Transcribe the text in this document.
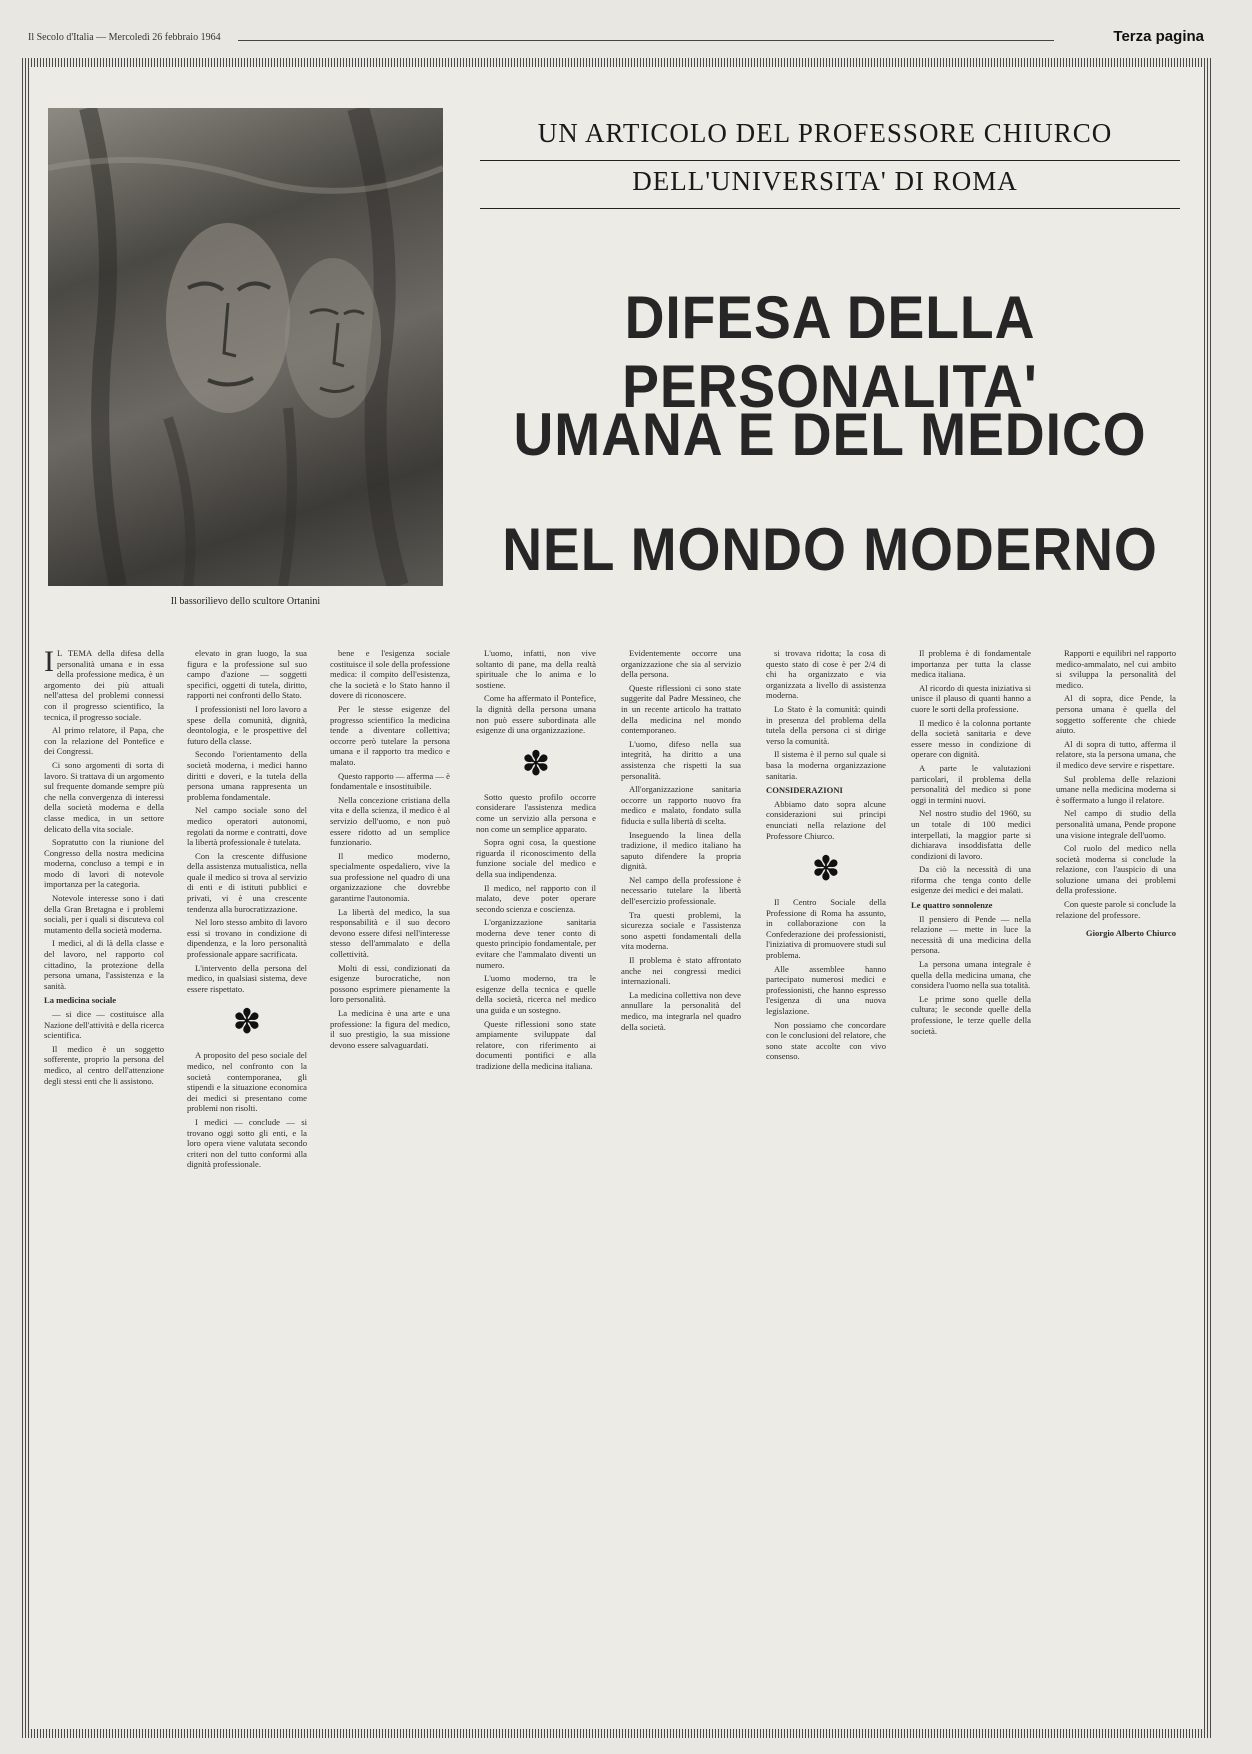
Il Secolo d'Italia — Mercoledì 26 febbraio 1964	Terza pagina
Il bassorilievo dello scultore Ortanini
UN ARTICOLO DEL PROFESSORE CHIURCO
DELL'UNIVERSITA' DI ROMA
DIFESA DELLA PERSONALITA'
UMANA E DEL MEDICO
NEL MONDO MODERNO

I L TEMA della difesa della personalità umana e in essa della professione medica, è un argomento dei più attuali nell'attesa del problemi connessi con il progresso scientifico, la tecnica, il progresso sociale.

Al primo relatore, il Papa, che con la relazione del Pontefice e dei Congressi.

Ci sono argomenti di sorta di lavoro. Si trattava di un argomento sul frequente domande sempre più che nella convergenza di interessi della società moderna e della classe medica, in un settore delicato della vita sociale.

Sopratutto con la riunione del Congresso della nostra medicina moderna, concluso a tempi e in modo di lavori di notevole importanza per la categoria.

Notevole interesse sono i dati della Gran Bretagna e i problemi sociali, per i quali si discuteva col mutamento della società moderna.

I medici, al di là della classe e del lavoro, nel rapporto col cittadino, la protezione della persona umana, l'assistenza e la sanità.

La medicina sociale

— si dice — costituisce alla Nazione dell'attività e della ricerca scientifica.

Il medico è un soggetto sofferente, proprio la persona del medico, al centro dell'attenzione degli stessi enti che li assistono.

elevato in gran luogo, la sua figura e la professione sul suo campo d'azione — soggetti specifici, oggetti di tutela, diritto, rapporti nei confronti dello Stato.

I professionisti nel loro lavoro a spese della comunità, dignità, deontologia, e le prospettive del futuro della classe.

Secondo l'orientamento della società moderna, i medici hanno diritti e doveri, e la tutela della persona umana rappresenta un problema fondamentale.

Nel campo sociale sono del medico operatori autonomi, regolati da norme e contratti, dove la libertà professionale è tutelata.

Con la crescente diffusione della assistenza mutualistica, nella quale il medico si trova al servizio di enti e di istituti pubblici e privati, vi è una crescente tendenza alla burocratizzazione.

Nel loro stesso ambito di lavoro essi si trovano in condizione di dipendenza, e la loro personalità professionale appare sacrificata.

L'intervento della persona del medico, in qualsiasi sistema, deve essere rispettato.

✽

A proposito del peso sociale del medico, nel confronto con la società contemporanea, gli stipendi e la situazione economica dei medici si presentano come problemi non risolti.

I medici — conclude — si trovano oggi sotto gli enti, e la loro opera viene valutata secondo criteri non del tutto conformi alla dignità professionale.

bene e l'esigenza sociale costituisce il sole della professione medica: il compito dell'esistenza, che la società e lo Stato hanno il dovere di riconoscere.

Per le stesse esigenze del progresso scientifico la medicina tende a diventare collettiva; occorre però tutelare la persona umana e il rapporto tra medico e malato.

Questo rapporto — afferma — è fondamentale e insostituibile.

Nella concezione cristiana della vita e della scienza, il medico è al servizio dell'uomo, e non può essere ridotto ad un semplice funzionario.

Il medico moderno, specialmente ospedaliero, vive la sua professione nel quadro di una organizzazione che dovrebbe garantirne l'autonomia.

La libertà del medico, la sua responsabilità e il suo decoro devono essere difesi nell'interesse stesso dell'ammalato e della collettività.

Molti di essi, condizionati da esigenze burocratiche, non possono esprimere pienamente la loro personalità.

La medicina è una arte e una professione: la figura del medico, il suo prestigio, la sua missione devono essere salvaguardati.

L'uomo, infatti, non vive soltanto di pane, ma della realtà spirituale che lo anima e lo sostiene.

Come ha affermato il Pontefice, la dignità della persona umana non può essere subordinata alle esigenze di una organizzazione.

✽

Sotto questo profilo occorre considerare l'assistenza medica come un servizio alla persona e non come un semplice apparato.

Sopra ogni cosa, la questione riguarda il riconoscimento della funzione sociale del medico e della sua indipendenza.

Il medico, nel rapporto con il malato, deve poter operare secondo scienza e coscienza.

L'organizzazione sanitaria moderna deve tener conto di questo principio fondamentale, per evitare che l'ammalato diventi un numero.

L'uomo moderno, tra le esigenze della tecnica e quelle della società, ricerca nel medico una guida e un sostegno.

Queste riflessioni sono state ampiamente sviluppate dal relatore, con riferimento ai documenti pontifici e alla tradizione della medicina italiana.

Evidentemente occorre una organizzazione che sia al servizio della persona.

Queste riflessioni ci sono state suggerite dal Padre Messineo, che in un recente articolo ha trattato della medicina nel mondo contemporaneo.

L'uomo, difeso nella sua integrità, ha diritto a una assistenza che rispetti la sua personalità.

All'organizzazione sanitaria occorre un rapporto nuovo fra medico e malato, fondato sulla fiducia e sulla libertà di scelta.

Inseguendo la linea della tradizione, il medico italiano ha saputo difendere la propria dignità.

Nel campo della professione è necessario tutelare la libertà dell'esercizio professionale.

Tra questi problemi, la sicurezza sociale e l'assistenza sono aspetti fondamentali della vita moderna.

Il problema è stato affrontato anche nei congressi medici internazionali.

La medicina collettiva non deve annullare la personalità del medico, ma integrarla nel quadro della società.

si trovava ridotta; la cosa di questo stato di cose è per 2/4 di chi ha organizzato e via organizzata a livello di assistenza moderna.

Lo Stato è la comunità: quindi in presenza del problema della tutela della persona ci si dirige verso la comunità.

Il sistema è il perno sul quale si basa la moderna organizzazione sanitaria.

CONSIDERAZIONI

Abbiamo dato sopra alcune considerazioni sui principi enunciati nella relazione del Professore Chiurco.

✽

Il Centro Sociale della Professione di Roma ha assunto, in collaborazione con la Confederazione dei professionisti, l'iniziativa di promuovere studi sul problema.

Alle assemblee hanno partecipato numerosi medici e professionisti, che hanno espresso l'esigenza di una nuova legislazione.

Non possiamo che concordare con le conclusioni del relatore, che sono state accolte con vivo consenso.

Il problema è di fondamentale importanza per tutta la classe medica italiana.

Al ricordo di questa iniziativa si unisce il plauso di quanti hanno a cuore le sorti della professione.

Il medico è la colonna portante della società sanitaria e deve essere messo in condizione di operare con dignità.

A parte le valutazioni particolari, il problema della personalità del medico si pone oggi in termini nuovi.

Nel nostro studio del 1960, su un totale di 100 medici interpellati, la maggior parte si dichiarava insoddisfatta delle condizioni di lavoro.

Da ciò la necessità di una riforma che tenga conto delle esigenze dei medici e dei malati.

Le quattro sonnolenze

Il pensiero di Pende — nella relazione — mette in luce la necessità di una medicina della persona.

La persona umana integrale è quella della medicina umana, che considera l'uomo nella sua totalità.

Le prime sono quelle della cultura; le seconde quelle della professione, le terze quelle della società.

Rapporti e equilibri nel rapporto medico-ammalato, nel cui ambito si sviluppa la personalità del medico.

Al di sopra, dice Pende, la persona umana è quella del soggetto sofferente che chiede aiuto.

Al di sopra di tutto, afferma il relatore, sta la persona umana, che il medico deve servire e rispettare.

Sul problema delle relazioni umane nella medicina moderna si è soffermato a lungo il relatore.

Nel campo di studio della personalità umana, Pende propone una visione integrale dell'uomo.

Col ruolo del medico nella società moderna si conclude la relazione, con l'auspicio di una soluzione umana dei problemi della professione.

Con queste parole si conclude la relazione del professore.

Giorgio Alberto Chiurco
